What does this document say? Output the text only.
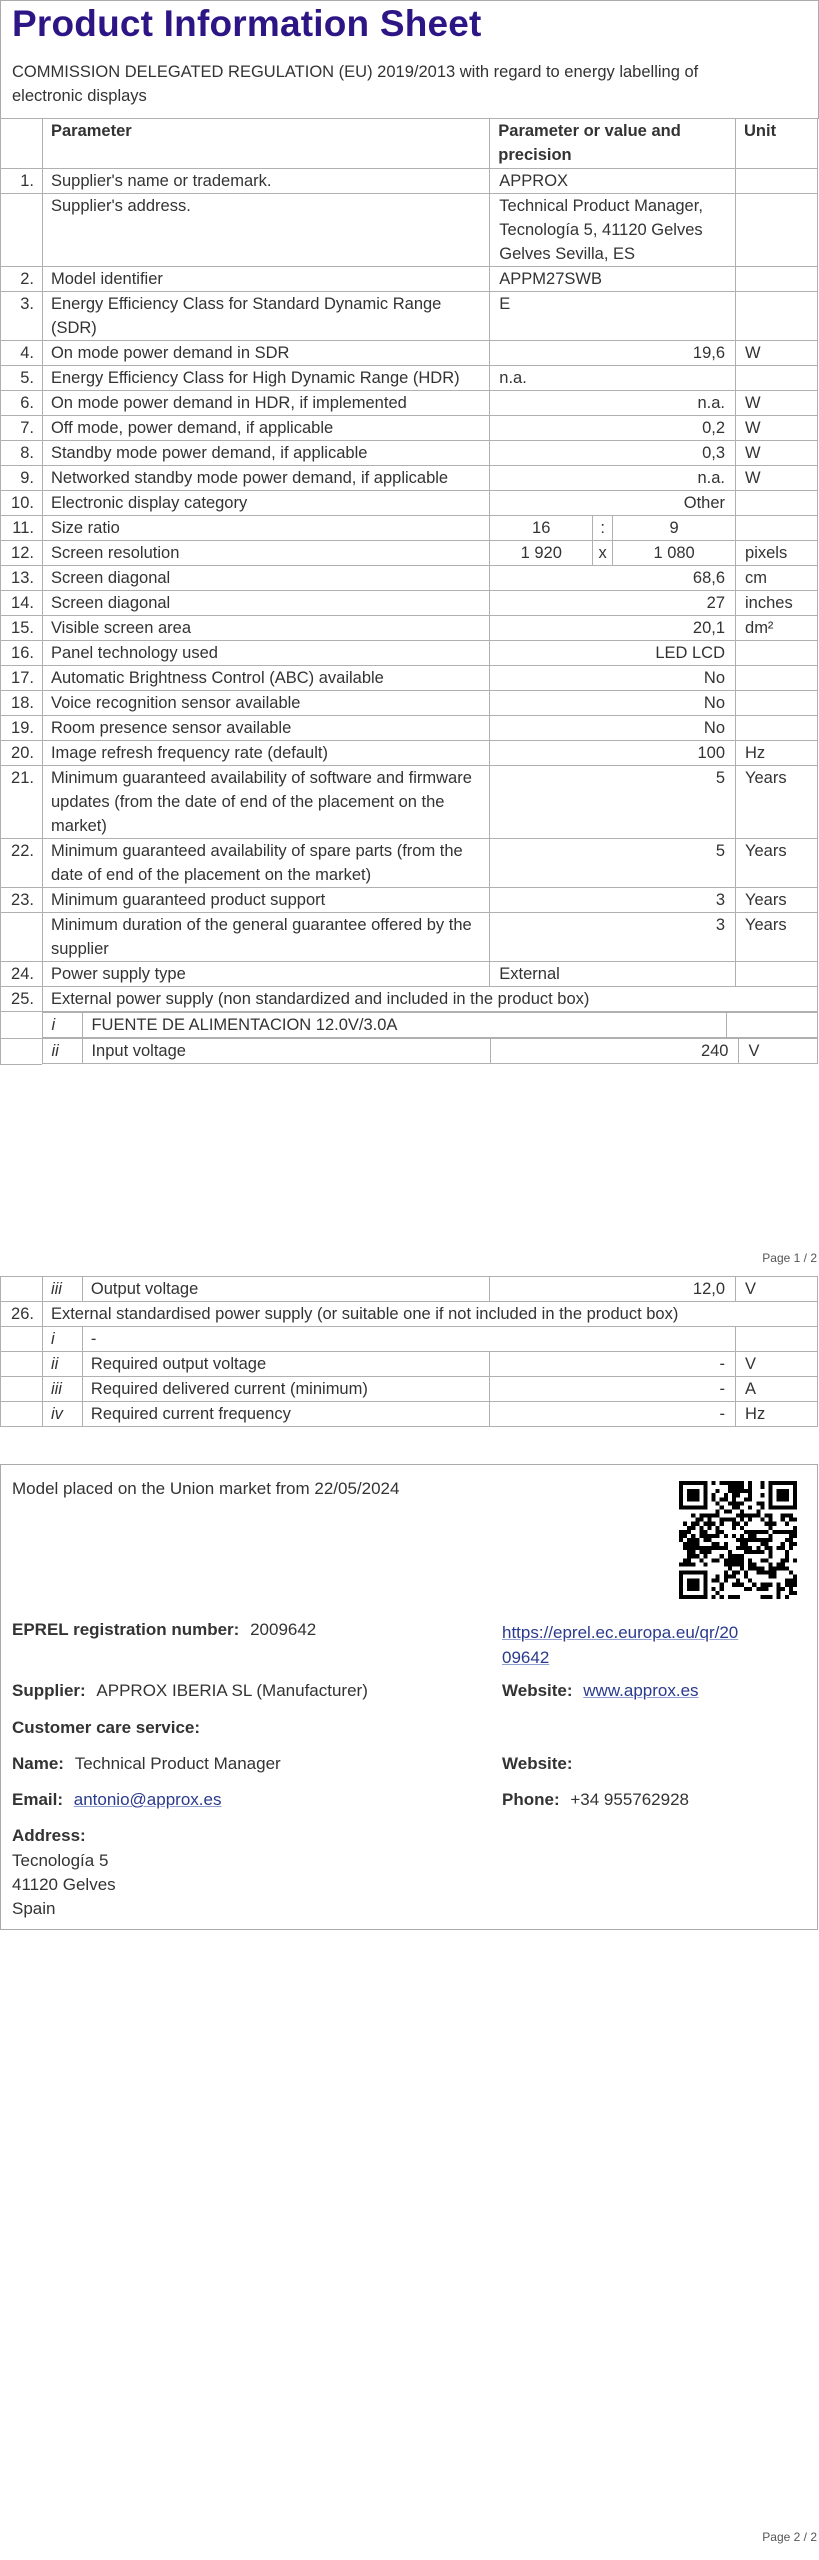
Product Information Sheet
COMMISSION DELEGATED REGULATION (EU) 2019/2013 with regard to energy labelling of electronic displays
	Parameter	Parameter or value and precision	Unit
1.	Supplier's name or trademark.	APPROX	
	Supplier's address.	Technical Product Manager, Tecnología 5, 41120 Gelves Gelves Sevilla, ES	
2.	Model identifier	APPM27SWB	
3.	Energy Efficiency Class for Standard Dynamic Range (SDR)	E	
4.	On mode power demand in SDR	19,6	W
5.	Energy Efficiency Class for High Dynamic Range (HDR)	n.a.	
6.	On mode power demand in HDR, if implemented	n.a.	W
7.	Off mode, power demand, if applicable	0,2	W
8.	Standby mode power demand, if applicable	0,3	W
9.	Networked standby mode power demand, if applicable	n.a.	W
10.	Electronic display category	Other	
11.	Size ratio	16	:	9	
12.	Screen resolution	1 920	x	1 080	pixels
13.	Screen diagonal	68,6	cm
14.	Screen diagonal	27	inches
15.	Visible screen area	20,1	dm²
16.	Panel technology used	LED LCD	
17.	Automatic Brightness Control (ABC) available	No	
18.	Voice recognition sensor available	No	
19.	Room presence sensor available	No	
20.	Image refresh frequency rate (default)	100	Hz
21.	Minimum guaranteed availability of software and firmware updates (from the date of end of the placement on the market)	5	Years
22.	Minimum guaranteed availability of spare parts (from the date of end of the placement on the market)	5	Years
23.	Minimum guaranteed product support	3	Years
	Minimum duration of the general guarantee offered by the supplier	3	Years
24.	Power supply type	External	
25.	External power supply (non standardized and included in the product box)

i	FUENTE DE ALIMENTACION 12.0V/3.0A	

ii	Input voltage	240	V
Page 1 / 2
Page 2 / 2
	iii	Output voltage	12,0	V
26.	External standardised power supply (or suitable one if not included in the product box)			
	i	-		
	ii	Required output voltage	-	V
	iii	Required delivered current (minimum)	-	A
	iv	Required current frequency	-	Hz
Model placed on the Union market from 22/05/2024
EPREL registration number: 2009642	https://eprel.ec.europa.eu/qr/20
09642
Supplier: APPROX IBERIA SL (Manufacturer)	Website: www.approx.es
Customer care service:
Name: Technical Product Manager	Website:
Email: antonio@approx.es	Phone: +34 955762928
Address:
Tecnología 5
41120 Gelves
Spain
